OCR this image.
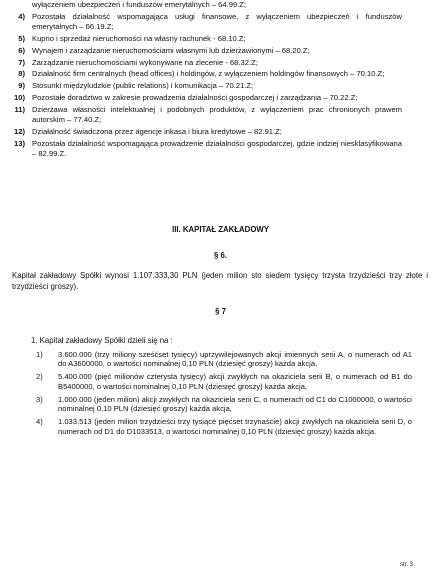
wyłączeniem ubezpieczeń i funduszów emerytalnych – 64.99.Z;
4) Pozostała działalność wspomagająca usługi finansowe, z wyłączeniem ubezpieczeń i funduszów emerytalnych – 66.19.Z;
5) Kupno i sprzedaż nieruchomości na własny rachunek - 68.10.Z;
6) Wynajem i zarządzanie nieruchomościami własnymi lub dzierżawionymi – 68.20.Z;
7) Zarządzanie nieruchomościami wykonywane na zlecenie - 68.32.Z;
8) Działalność firm centralnych (head offices) i holdingów, z wyłączeniem holdingów finansowych – 70.10.Z;
9) Stosunki międzyludzkie (public relations) i komunikacja – 70.21.Z;
10) Pozostałe doradztwo w zakresie prowadzenia działalności gospodarczej i zarządzania – 70.22.Z;
11) Dzierżawa własności intelektualnej i podobnych produktów, z wyłączeniem prac chronionych prawem autorskim – 77.40.Z;
12) Działalność świadczona przez agencje inkasa i biura kredytowe – 82.91.Z;
13) Pozostała działalność wspomagająca prowadzenie działalności gospodarczej, gdzie indziej niesklasyfikowana – 82.99.Z.
III. KAPITAŁ ZAKŁADOWY
§ 6.
Kapitał zakładowy Spółki wynosi 1.107.333,30 PLN (jeden milion sto siedem tysięcy trzysta trzydzieści trzy złote i trzydzieści groszy).
§ 7
1. Kapitał zakładowy Spółki dzieli się na :
1)	3.600.000 (trzy miliony sześćset tysięcy) uprzywilejowanych akcji imiennych serii A, o numerach od A1 do A3600000, o wartości nominalnej 0,10 PLN (dziesięć groszy) każda akcja,
2)	5.400.000 (pięć milionów czterysta tysięcy) akcji zwykłych na okaziciela serii B, o numerach od B1 do B5400000, o wartości nominalnej 0,10 PLN (dziesięć groszy) każda akcja,
3)	1.000.000 (jeden milion) akcji zwykłych na okaziciela serii C, o numerach od C1 do C1000000, o wartości nominalnej 0,10 PLN (dziesięć groszy) każda akcja,
4)	1.033.513 (jeden milion trzydzieści trzy tysiące pięćset trzynaście) akcji zwykłych na okaziciela serii D, o numerach od D1 do D1033513, o wartości nominalnej 0,10 PLN (dziesięć groszy) każda akcja.
str. 3
